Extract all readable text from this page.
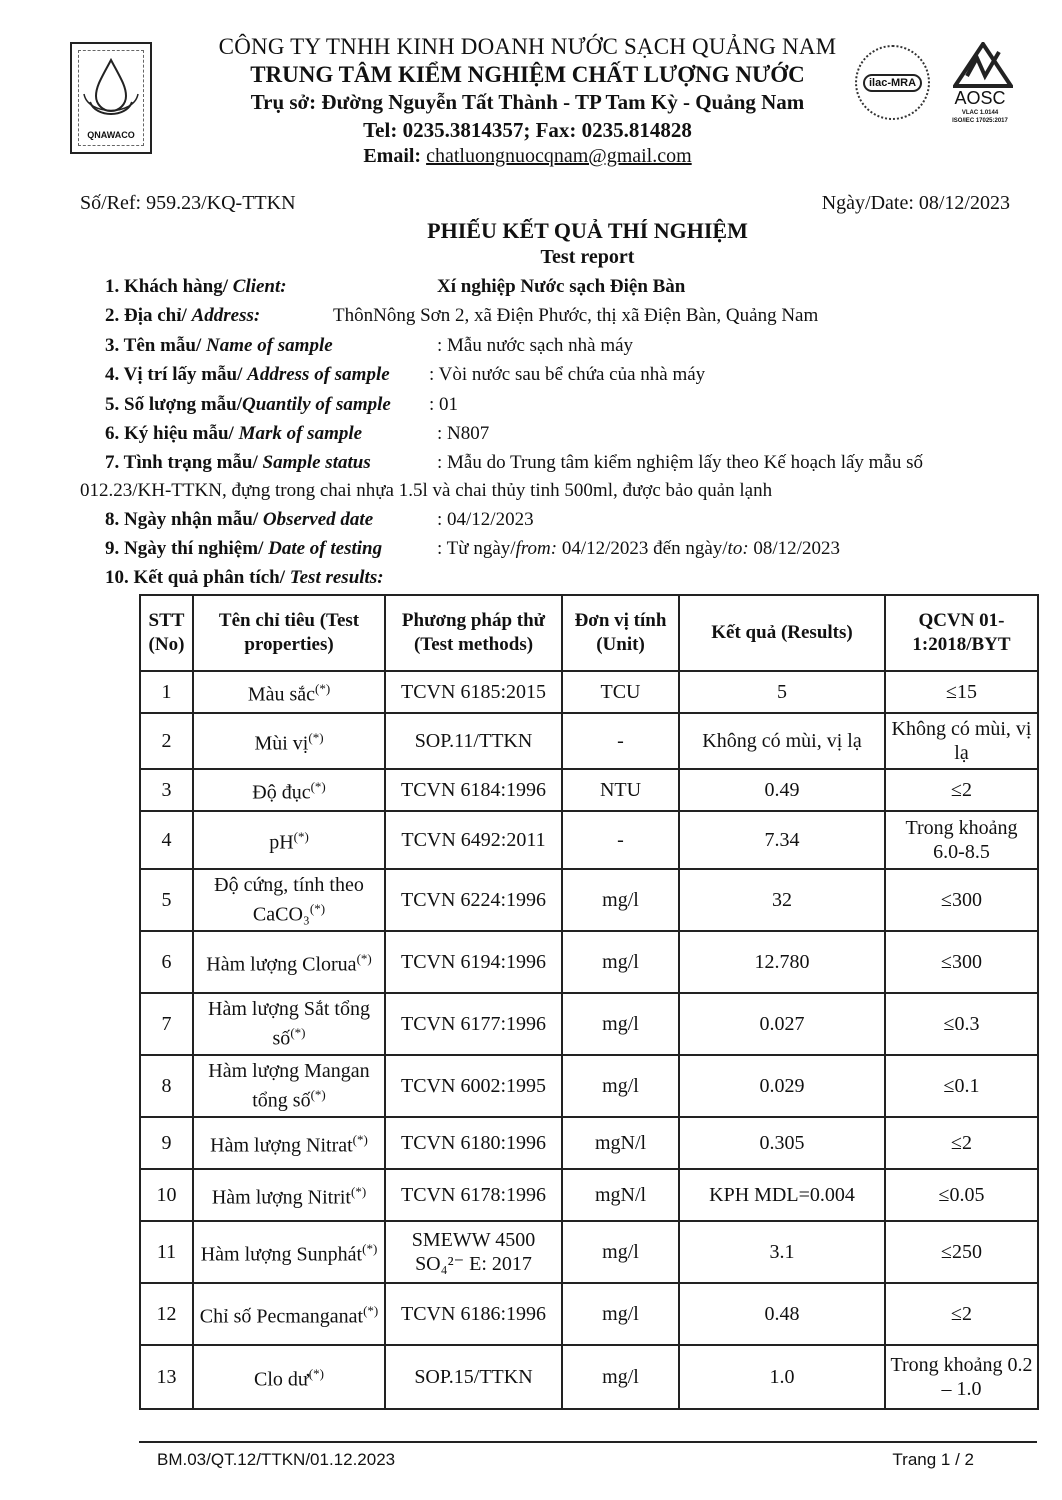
QNAWACO
CÔNG TY TNHH KINH DOANH NƯỚC SẠCH QUẢNG NAM
TRUNG TÂM KIỂM NGHIỆM CHẤT LƯỢNG NƯỚC
Trụ sở: Đường Nguyễn Tất Thành - TP Tam Kỳ - Quảng Nam
Tel: 0235.3814357; Fax: 0235.814828
Email: chatluongnuocqnam@gmail.com
ilac-MRA
AOSC
VLAC 1.0144
ISO/IEC 17025:2017
Số/Ref: 959.23/KQ-TTKN	Ngày/Date: 08/12/2023
PHIẾU KẾT QUẢ THÍ NGHIỆM
Test report
1. Khách hàng/ Client:	Xí nghiệp Nước sạch Điện Bàn
2. Địa chỉ/ Address:	ThônNông Sơn 2, xã Điện Phước, thị xã Điện Bàn, Quảng Nam
3. Tên mẫu/ Name of sample	: Mẫu nước sạch nhà máy
4. Vị trí lấy mẫu/ Address of sample : Vòi nước sau bể chứa của nhà máy
5. Số lượng mẫu/Quantily of sample : 01
6. Ký hiệu mẫu/ Mark of sample	: N807
7. Tình trạng mẫu/ Sample status	: Mẫu do Trung tâm kiểm nghiệm lấy theo Kế hoạch lấy mẫu số
012.23/KH-TTKN, đựng trong chai nhựa 1.5l và chai thủy tinh 500ml, được bảo quản lạnh
8. Ngày nhận mẫu/ Observed date	: 04/12/2023
9. Ngày thí nghiệm/ Date of testing	: Từ ngày/from: 04/12/2023 đến ngày/to: 08/12/2023
10. Kết quả phân tích/ Test results:
STT (No)	Tên chỉ tiêu (Test properties)	Phương pháp thử (Test methods)	Đơn vị tính (Unit)	Kết quả (Results)	QCVN 01-1:2018/BYT
1	Màu sắc(*)	TCVN 6185:2015	TCU	5	≤15
2	Mùi vị(*)	SOP.11/TTKN	-	Không có mùi, vị lạ	Không có mùi, vị lạ
3	Độ đục(*)	TCVN 6184:1996	NTU	0.49	≤2
4	pH(*)	TCVN 6492:2011	-	7.34	Trong khoảng 6.0-8.5
5	Độ cứng, tính theo CaCO₃(*)	TCVN 6224:1996	mg/l	32	≤300
6	Hàm lượng Clorua(*)	TCVN 6194:1996	mg/l	12.780	≤300
7	Hàm lượng Sắt tổng số(*)	TCVN 6177:1996	mg/l	0.027	≤0.3
8	Hàm lượng Mangan tổng số(*)	TCVN 6002:1995	mg/l	0.029	≤0.1
9	Hàm lượng Nitrat(*)	TCVN 6180:1996	mgN/l	0.305	≤2
10	Hàm lượng Nitrit(*)	TCVN 6178:1996	mgN/l	KPH MDL=0.004	≤0.05
11	Hàm lượng Sunphát(*)	SMEWW 4500 SO₄²⁻ E: 2017	mg/l	3.1	≤250
12	Chỉ số Pecmanganat(*)	TCVN 6186:1996	mg/l	0.48	≤2
13	Clo dư(*)	SOP.15/TTKN	mg/l	1.0	Trong khoảng 0.2 – 1.0
BM.03/QT.12/TTKN/01.12.2023	Trang 1 / 2
